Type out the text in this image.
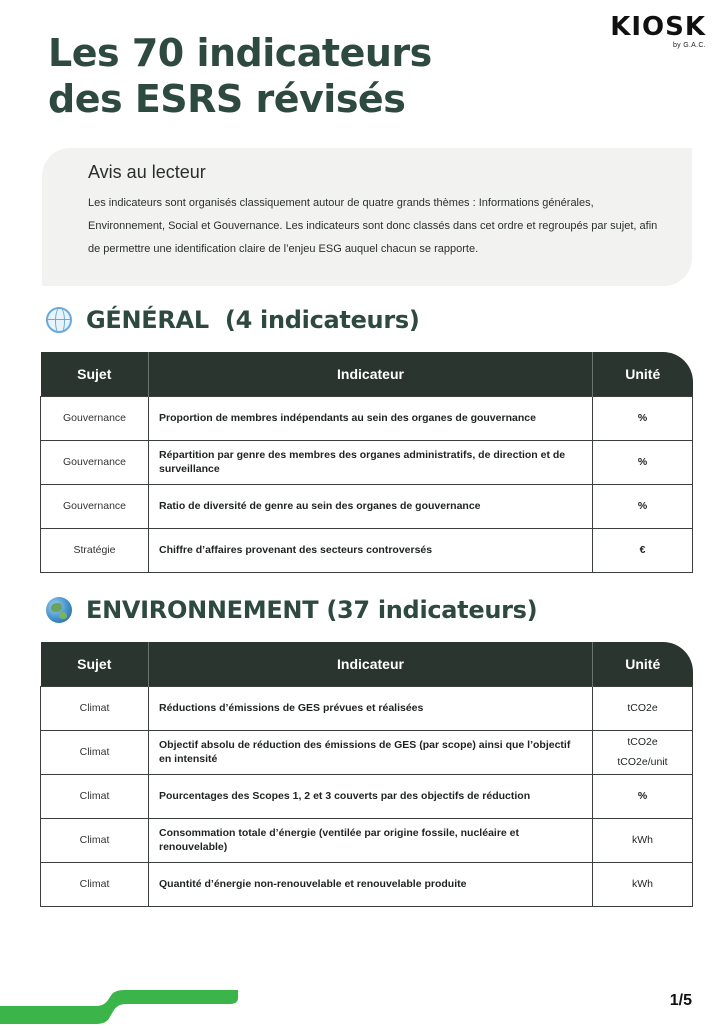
KIOSK
by G.A.C.
Les 70 indicateurs
des ESRS révisés
Avis au lecteur

Les indicateurs sont organisés classiquement autour de quatre grands thèmes : Informations générales, Environnement, Social et Gouvernance. Les indicateurs sont donc classés dans cet ordre et regroupés par sujet, afin de permettre une identification claire de l’enjeu ESG auquel chacun se rapporte.

GÉNÉRAL  (4 indicateurs)
Sujet	Indicateur	Unité
Gouvernance	Proportion de membres indépendants au sein des organes de gouvernance	%
Gouvernance	Répartition par genre des membres des organes administratifs, de direction et de surveillance	%
Gouvernance	Ratio de diversité de genre au sein des organes de gouvernance	%
Stratégie	Chiffre d’affaires provenant des secteurs controversés	€
ENVIRONNEMENT (37 indicateurs)
Sujet	Indicateur	Unité
Climat	Réductions d’émissions de GES prévues et réalisées	tCO2e
Climat	Objectif absolu de réduction des émissions de GES (par scope) ainsi que l’objectif en intensité	tCO2e
tCO2e/unit

Climat	Pourcentages des Scopes 1, 2 et 3 couverts par des objectifs de réduction	%
Climat	Consommation totale d’énergie (ventilée par origine fossile, nucléaire et renouvelable)	kWh
Climat	Quantité d’énergie non-renouvelable et renouvelable produite	kWh
1/5
